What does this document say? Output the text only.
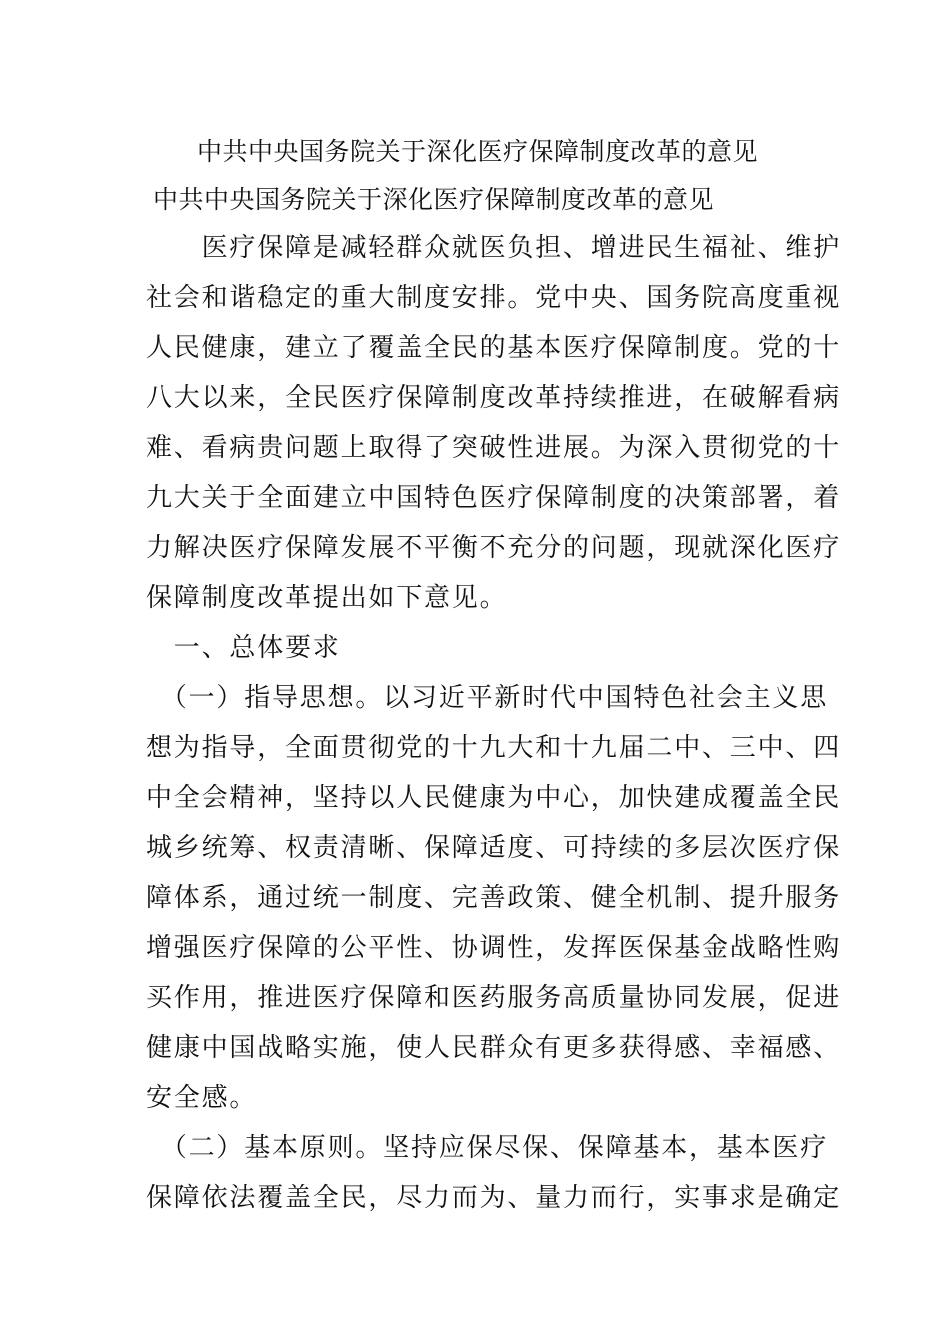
中共中央国务院关于深化医疗保障制度改革的意见
中共中央国务院关于深化医疗保障制度改革的意见
　　医疗保障是减轻群众就医负担、增进民生福祉、维护
社会和谐稳定的重大制度安排。党中央、国务院高度重视
人民健康，建立了覆盖全民的基本医疗保障制度。党的十
八大以来，全民医疗保障制度改革持续推进，在破解看病
难、看病贵问题上取得了突破性进展。为深入贯彻党的十
九大关于全面建立中国特色医疗保障制度的决策部署，着
力解决医疗保障发展不平衡不充分的问题，现就深化医疗
保障制度改革提出如下意见。
　一、总体要求
　（一）指导思想。以习近平新时代中国特色社会主义思
想为指导，全面贯彻党的十九大和十九届二中、三中、四
中全会精神，坚持以人民健康为中心，加快建成覆盖全民
城乡统筹、权责清晰、保障适度、可持续的多层次医疗保
障体系，通过统一制度、完善政策、健全机制、提升服务
增强医疗保障的公平性、协调性，发挥医保基金战略性购
买作用，推进医疗保障和医药服务高质量协同发展，促进
健康中国战略实施，使人民群众有更多获得感、幸福感、
安全感。
　（二）基本原则。坚持应保尽保、保障基本，基本医疗
保障依法覆盖全民，尽力而为、量力而行，实事求是确定
